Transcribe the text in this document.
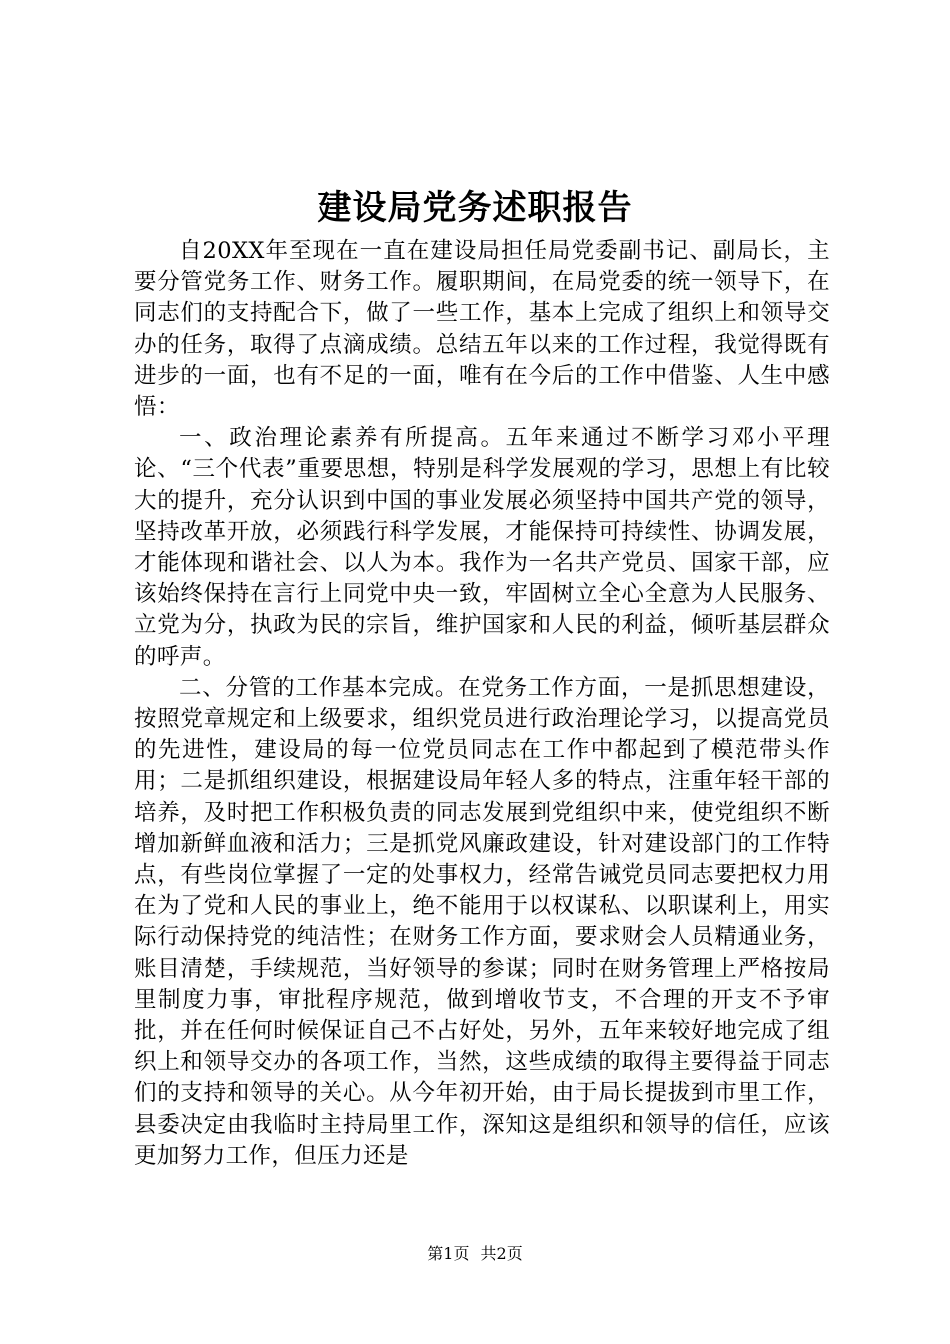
建设局党务述职报告

自20XX年至现在一直在建设局担任局党委副书记、副局长，主要分管党务工作、财务工作。履职期间，在局党委的统一领导下，在同志们的支持配合下，做了一些工作，基本上完成了组织上和领导交办的任务，取得了点滴成绩。总结五年以来的工作过程，我觉得既有进步的一面，也有不足的一面，唯有在今后的工作中借鉴、人生中感悟：

一、政治理论素养有所提高。五年来通过不断学习邓小平理论、“三个代表”重要思想，特别是科学发展观的学习，思想上有比较大的提升，充分认识到中国的事业发展必须坚持中国共产党的领导，坚持改革开放，必须践行科学发展，才能保持可持续性、协调发展，才能体现和谐社会、以人为本。我作为一名共产党员、国家干部，应该始终保持在言行上同党中央一致，牢固树立全心全意为人民服务、立党为分，执政为民的宗旨，维护国家和人民的利益，倾听基层群众的呼声。

二、分管的工作基本完成。在党务工作方面，一是抓思想建设，按照党章规定和上级要求，组织党员进行政治理论学习，以提高党员的先进性，建设局的每一位党员同志在工作中都起到了模范带头作用；二是抓组织建设，根据建设局年轻人多的特点，注重年轻干部的培养，及时把工作积极负责的同志发展到党组织中来，使党组织不断增加新鲜血液和活力；三是抓党风廉政建设，针对建设部门的工作特点，有些岗位掌握了一定的处事权力，经常告诫党员同志要把权力用在为了党和人民的事业上，绝不能用于以权谋私、以职谋利上，用实际行动保持党的纯洁性；在财务工作方面，要求财会人员精通业务，账目清楚，手续规范，当好领导的参谋；同时在财务管理上严格按局里制度力事，审批程序规范，做到增收节支，不合理的开支不予审批，并在任何时候保证自己不占好处，另外，五年来较好地完成了组织上和领导交办的各项工作，当然，这些成绩的取得主要得益于同志们的支持和领导的关心。从今年初开始，由于局长提拔到市里工作，县委决定由我临时主持局里工作，深知这是组织和领导的信任，应该更加努力工作，但压力还是

第1页 共2页
